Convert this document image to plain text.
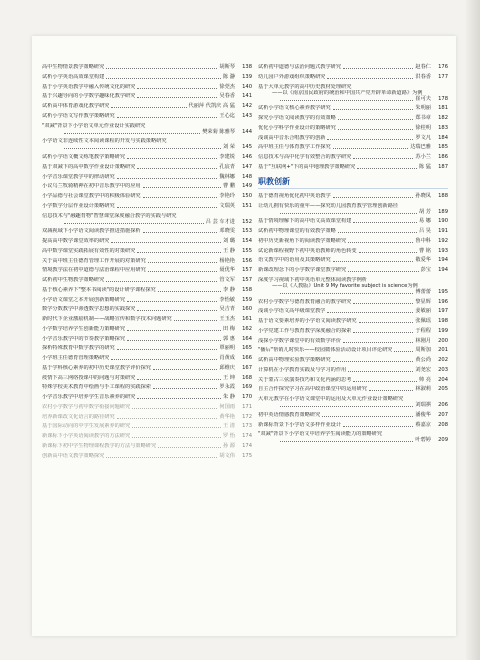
高中生物情景教学策略研究	胡斯琴	138
试析小学英语高效课堂构建	陈 瀞	139
基于小学英语教学中融入传统文化的研究	徐莞杰	140
基于兴趣导向的小学数学趣味化教学研究	吴春香	141
试析高中体育游戏化教学研究	代丽萍 代凯庆 高 猛	142
试析小学语文写作教学策略研究	王心迄	143
"双减"背景下小学语文单元作业设计实践研究
樊荣菊 陈雅琴	144
小学语文非连续性文本阅读课程的开发与实践策略研究
刘 荣	145
试析小学语文概文练笔教学策略研究	李建锐	146
基于双减下的高中数学作业设计策略研究	孔宸青	147
小学音乐课堂教学中的律动研究	魏林娜	148
小议乌兰牧骑精神在初中音乐教学中的应用	曹 鹏	149
小学品德与社会课堂教学中的积极体验研究	李艳玲	150
小学数学分层作业设计策略研究	文瑞英	151
信息技术与"融趣育物"智慧课堂深度融合教学的实践与研究
吕 芸 车才进	152
双减视域下小学语文阅读教学推进措施探析	邓晓雯	153
提高高中数学课堂效率的研究	刘 璐	154
高中数学课堂实践拓展有效性的对策研究	王 静	155
关于高中班主任德育管理工作开展的对策研究	杨艳艳	156
情境教学法在初中道德与法治课程中应用研究	聂优华	157
试析初中生物教学策略研究	管文军	157
基于核心素养下"整本书阅读"的设计研学课程探究	李 静	158
小学语文课堂之本开展创新策略研究	李怡敏	159
数学分数教学中渗透数学思想的实践探究	吴吉青	160
新时代下企业激励机制——战略宣传和数字技术问题研究	王玉杰	161
小学数学培养学生创新能力策略研究	田 梅	162
小学音乐教学中的节奏教学策略探究	郭 惠	164
探析特殊教育中数学教学的研究	覃丽明	165
小学班主任德育管理策略研究	肖黄成	166
基于学科核心素养的初中历史课堂教学评价探究	邱维庆	167
疫情下高三网络授课中的问题与对策研究	王 坤	168
特殊学校美术教育中绘画与手工课程的实践探索	罗永霞	169
小学音乐教学中培养学生音乐素养的研究	朱 静	170
农村小学数学与初中数学衔接问题研究	何国雨	171
培养新课改文化语言的路径研究	黄华艳	172
基于国际动向的中学生发展素养的研究	王 清	173
新课标下小学英语阅读教学的方法研究	罗 怡	174
新课标下初中学生物理课程教学的方法与策略研究	孙 源	174
创新高中语文教学策略探究	胡文伟	175
试析初中道德与法治问题式教学研究	赵春仁	176
幼儿园户外游戏组织策略研究	洪春香	177
基于大单元教学的高中历史教材处理研究
——以《南京国民政府的统治和中国共产党开辟革命新道路》为例
崔可夫	178
试析小学语文核心素养教学研究	朱明丽	181
探究小学语文阅读教学的有效策略	郑书章	182
优化小学科学作业设计的策略研究	徐桂明	183
浅谈高中音乐合唱教学的创新	罗文凡	184
高中班主任与体育教学工作探究	达瑞巴雅	185
信息技术与高中化学有效整合的教学研究	苏小兰	186
基于"互联网+"下的高中地理教学策略研究	陈 猛	187
职教创新
基于德育视角优化初中英语教学	孙晓凤	188
让幼儿拥有快乐的童年——探究幼儿园教育教学管理创新路径
胡 芳	189
基于情境理解下的高中语文高效课堂构建	易 娜	190
试析初中物理课堂的有效教学策略	吕 昊	191
初中历史新视角下的阅读教学策略研究	鲁中科	192
试论新课程视野下初中英语教师的角色转变	曹 铭	193
语文教学中的语用及其策略研究	敬爱华	194
新课改理念下的小学数学课堂教学研究	彭宝	194
深度学习视域下初中英语单元整体阅读教学例析
——以《人教版》Unit 9 My favorite subject is science为例
傅蕾蕾	195
农村小学数学与德育教育融合的教学研究	黎显辉	196
浅谈小学语文高年级课堂教学	姜敏丽	197
基于语文要素培养的小学语文阅读教学研究	张佩瑶	198
小学党建工作与教育教学深度融合的探索	于程程	199
浅探小学数学课堂中的有效数学评价	林刚月	200
"播后"帮销儿时快乐——校园微体验活动设计项目评论研究	周斯加	201
试析高中物理实验教学策略研究	黄公尚	202
计算机在小学教育实践及与学习的作用	刘尧宏	203
关于蒙古三弦演奏技巧和文化内涵的思考	帅 亮	204
自主合作探究学习在高中政治课堂中的运用研究	林淑莉	205
大单元教学在小学语文课堂中的运用及大单元作业设计策略研究
刘瑞祺	206
初中英语情感教育策略研究	潘俊华	207
新课标背景下小学语文多样作业设计	蔡嘉京	208
"双减"背景下小学语文中培养学生阅读能力的策略研究
叶碧婷	209
